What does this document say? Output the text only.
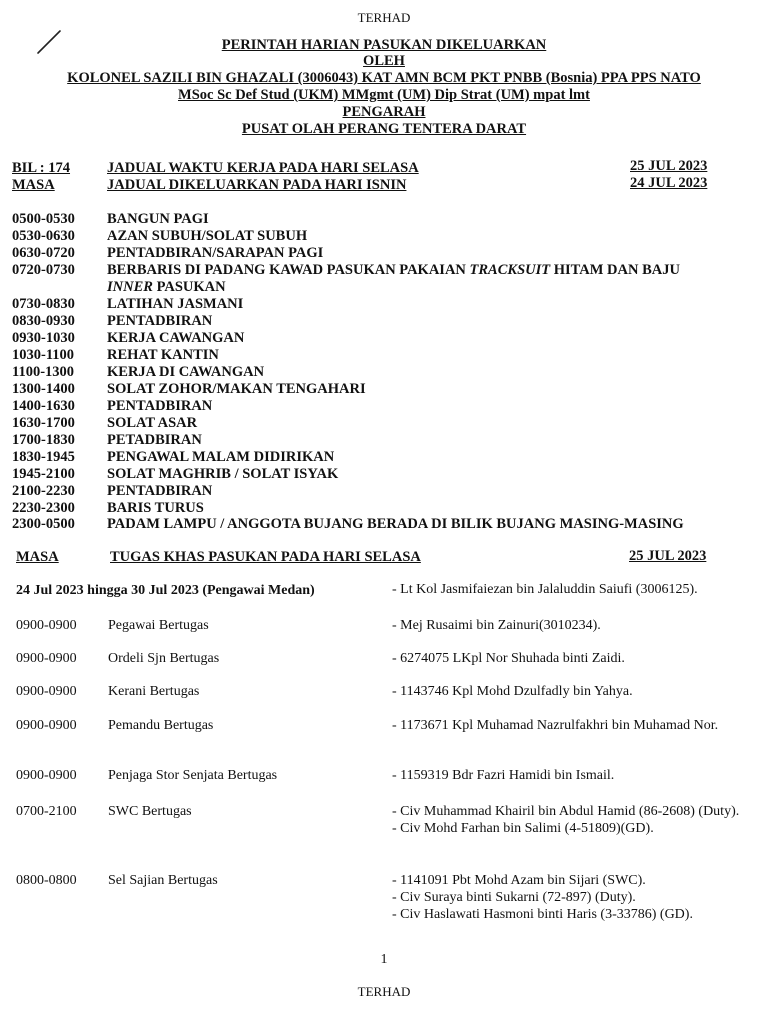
TERHAD
PERINTAH HARIAN PASUKAN DIKELUARKAN
OLEH
KOLONEL SAZILI BIN GHAZALI (3006043) KAT AMN BCM PKT PNBB (Bosnia) PPA PPS NATO
MSoc Sc Def Stud (UKM) MMgmt (UM) Dip Strat (UM) mpat lmt
PENGARAH
PUSAT OLAH PERANG TENTERA DARAT
BIL : 174	JADUAL WAKTU KERJA PADA HARI SELASA	25 JUL 2023
MASA	JADUAL DIKELUARKAN PADA HARI ISNIN	24 JUL 2023
0500-0530	BANGUN PAGI
0530-0630	AZAN SUBUH/SOLAT SUBUH
0630-0720	PENTADBIRAN/SARAPAN PAGI
0720-0730	BERBARIS DI PADANG KAWAD PASUKAN PAKAIAN TRACKSUIT HITAM DAN BAJU
INNER PASUKAN
0730-0830	LATIHAN JASMANI
0830-0930	PENTADBIRAN
0930-1030	KERJA CAWANGAN
1030-1100	REHAT KANTIN
1100-1300	KERJA DI CAWANGAN
1300-1400	SOLAT ZOHOR/MAKAN TENGAHARI
1400-1630	PENTADBIRAN
1630-1700	SOLAT ASAR
1700-1830	PETADBIRAN
1830-1945	PENGAWAL MALAM DIDIRIKAN
1945-2100	SOLAT MAGHRIB / SOLAT ISYAK
2100-2230	PENTADBIRAN
2230-2300	BARIS TURUS
2300-0500	PADAM LAMPU / ANGGOTA BUJANG BERADA DI BILIK BUJANG MASING-MASING
MASA	TUGAS KHAS PASUKAN PADA HARI SELASA	25 JUL 2023
24 Jul 2023 hingga 30 Jul 2023 (Pengawai Medan)	- Lt Kol Jasmifaiezan bin Jalaluddin Saiufi (3006125).
0900-0900 Pegawai Bertugas	- Mej Rusaimi bin Zainuri(3010234).
0900-0900 Ordeli Sjn Bertugas	- 6274075 LKpl Nor Shuhada binti Zaidi.
0900-0900 Kerani Bertugas	- 1143746 Kpl Mohd Dzulfadly bin Yahya.
0900-0900 Pemandu Bertugas	- 1173671 Kpl Muhamad Nazrulfakhri bin Muhamad Nor.
0900-0900 Penjaga Stor Senjata Bertugas	- 1159319 Bdr Fazri Hamidi bin Ismail.
0700-2100 SWC Bertugas	- Civ Muhammad Khairil bin Abdul Hamid (86-2608) (Duty).
- Civ Mohd Farhan bin Salimi (4-51809)(GD).
0800-0800 Sel Sajian Bertugas	- 1141091 Pbt Mohd Azam bin Sijari (SWC).
- Civ Suraya binti Sukarni (72-897) (Duty).
- Civ Haslawati Hasmoni binti Haris (3-33786) (GD).
1
TERHAD
